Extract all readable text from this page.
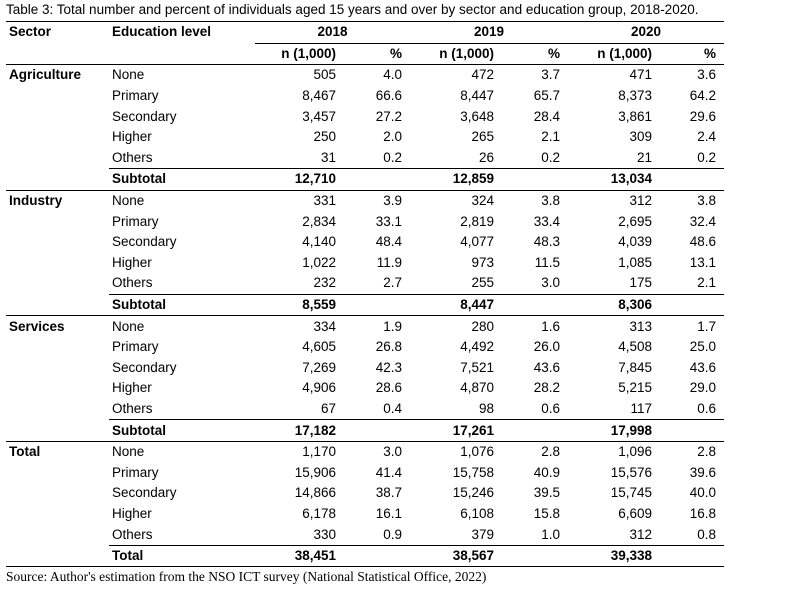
Table 3: Total number and percent of individuals aged 15 years and over by sector and education group, 2018-2020.
Sector	Education level	2018		2019		2020	
		n (1,000)	%	n (1,000)	%	n (1,000)	%
Agriculture	None	505	4.0	472	3.7	471	3.6
	Primary	8,467	66.6	8,447	65.7	8,373	64.2
	Secondary	3,457	27.2	3,648	28.4	3,861	29.6
	Higher	250	2.0	265	2.1	309	2.4
	Others	31	0.2	26	0.2	21	0.2
	Subtotal	12,710		12,859		13,034	
Industry	None	331	3.9	324	3.8	312	3.8
	Primary	2,834	33.1	2,819	33.4	2,695	32.4
	Secondary	4,140	48.4	4,077	48.3	4,039	48.6
	Higher	1,022	11.9	973	11.5	1,085	13.1
	Others	232	2.7	255	3.0	175	2.1
	Subtotal	8,559		8,447		8,306	
Services	None	334	1.9	280	1.6	313	1.7
	Primary	4,605	26.8	4,492	26.0	4,508	25.0
	Secondary	7,269	42.3	7,521	43.6	7,845	43.6
	Higher	4,906	28.6	4,870	28.2	5,215	29.0
	Others	67	0.4	98	0.6	117	0.6
	Subtotal	17,182		17,261		17,998	
Total	None	1,170	3.0	1,076	2.8	1,096	2.8
	Primary	15,906	41.4	15,758	40.9	15,576	39.6
	Secondary	14,866	38.7	15,246	39.5	15,745	40.0
	Higher	6,178	16.1	6,108	15.8	6,609	16.8
	Others	330	0.9	379	1.0	312	0.8
	Total	38,451		38,567		39,338	
Source: Author's estimation from the NSO ICT survey (National Statistical Office, 2022)
